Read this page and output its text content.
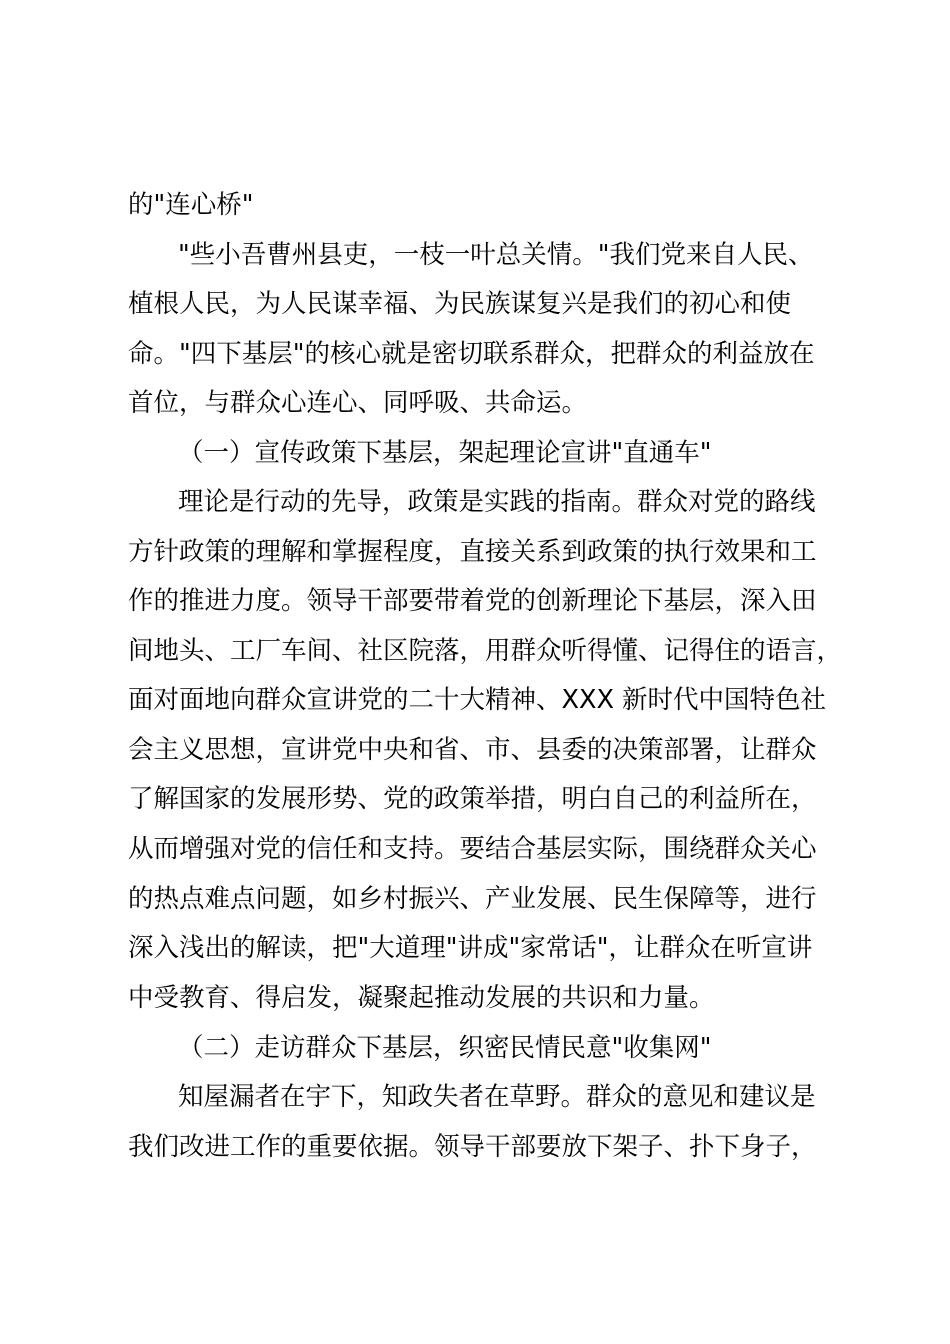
的"连心桥"

"些小吾曹州县吏，一枝一叶总关情。"我们党来自人民、

植根人民，为人民谋幸福、为民族谋复兴是我们的初心和使

命。"四下基层"的核心就是密切联系群众，把群众的利益放在

首位，与群众心连心、同呼吸、共命运。

（一）宣传政策下基层，架起理论宣讲"直通车"

理论是行动的先导，政策是实践的指南。群众对党的路线

方针政策的理解和掌握程度，直接关系到政策的执行效果和工

作的推进力度。领导干部要带着党的创新理论下基层，深入田

间地头、工厂车间、社区院落，用群众听得懂、记得住的语言，

面对面地向群众宣讲党的二十大精神、XXX 新时代中国特色社

会主义思想，宣讲党中央和省、市、县委的决策部署，让群众

了解国家的发展形势、党的政策举措，明白自己的利益所在，

从而增强对党的信任和支持。要结合基层实际，围绕群众关心

的热点难点问题，如乡村振兴、产业发展、民生保障等，进行

深入浅出的解读，把"大道理"讲成"家常话"，让群众在听宣讲

中受教育、得启发，凝聚起推动发展的共识和力量。

（二）走访群众下基层，织密民情民意"收集网"

知屋漏者在宇下，知政失者在草野。群众的意见和建议是

我们改进工作的重要依据。领导干部要放下架子、扑下身子，
